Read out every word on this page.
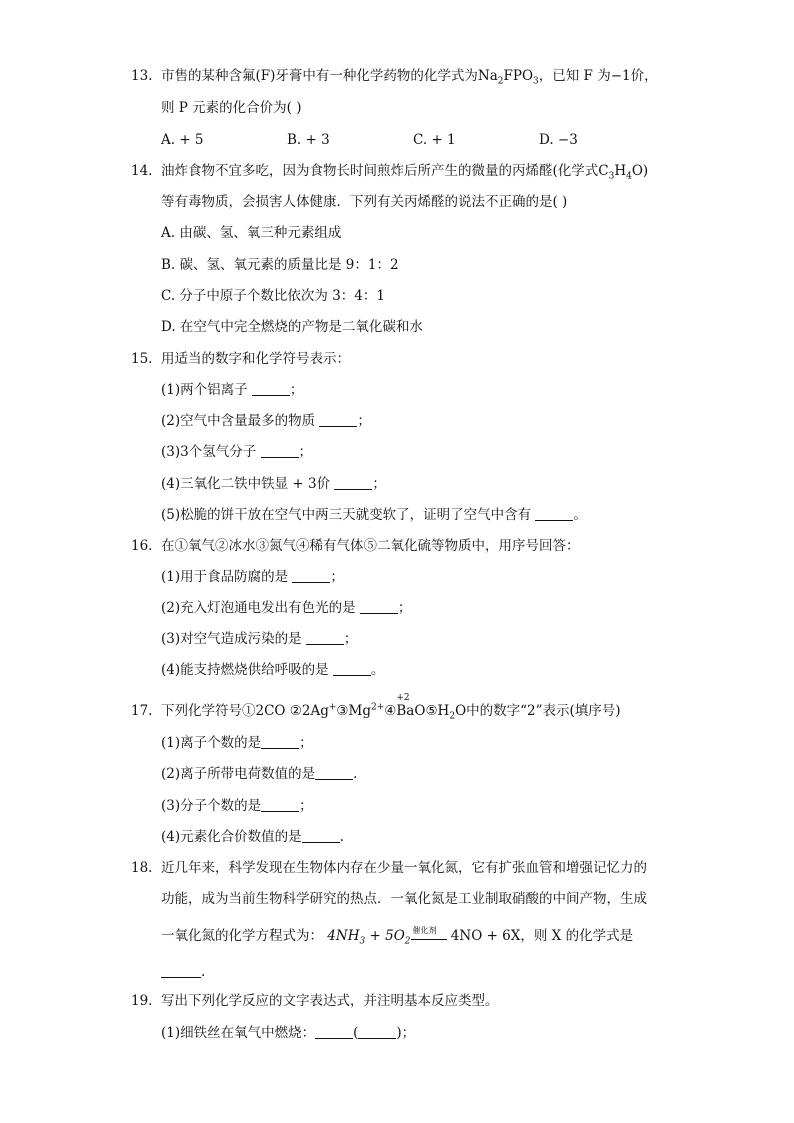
13. 市售的某种含氟(F)牙膏中有一种化学药物的化学式为$Na_2FPO_3$，已知 F 为−1价，
则 P 元素的化合价为( )
A. + 5	B. + 3	C. + 1	D. −3
14. 油炸食物不宜多吃，因为食物长时间煎炸后所产生的微量的丙烯醛(化学式$C_3H_4O$)
等有毒物质，会损害人体健康．下列有关丙烯醛的说法不正确的是( )
A. 由碳、氢、氧三种元素组成
B. 碳、氢、氧元素的质量比是 9：1：2
C. 分子中原子个数比依次为 3：4：1
D. 在空气中完全燃烧的产物是二氧化碳和水
15. 用适当的数字和化学符号表示：
(1)两个铝离子	；
(2)空气中含量最多的物质	；
(3)3个氢气分子	；
(4)三氧化二铁中铁显 + 3价	；
(5)松脆的饼干放在空气中两三天就变软了，证明了空气中含有	。
16. 在①氧气②冰水③氮气④稀有气体⑤二氧化硫等物质中，用序号回答：
(1)用于食品防腐的是	；
(2)充入灯泡通电发出有色光的是	；
(3)对空气造成污染的是	；
(4)能支持燃烧供给呼吸的是	。
17. 下列化学符号①2CO $②2Ag^+③Mg^{2+}④$
+2
$BaO⑤H_2O$中的数字“2”表示(填序号)
(1)离子个数的是	；
(2)离子所带电荷数值的是	.
(3)分子个数的是	；
(4)元素化合价数值的是	.
18. 近几年来，科学发现在生物体内存在少量一氧化氮，它有扩张血管和增强记忆力的
功能，成为当前生物科学研究的热点．一氧化氮是工业制取硝酸的中间产物，生成
一氧化氮的化学方程式为： $4NH_3 + 5O_2$
催化剂 4NO + 6X，则 X 的化学式是
.
19. 写出下列化学反应的文字表达式，并注明基本反应类型。
(1)细铁丝在氧气中燃烧：	(	)；
